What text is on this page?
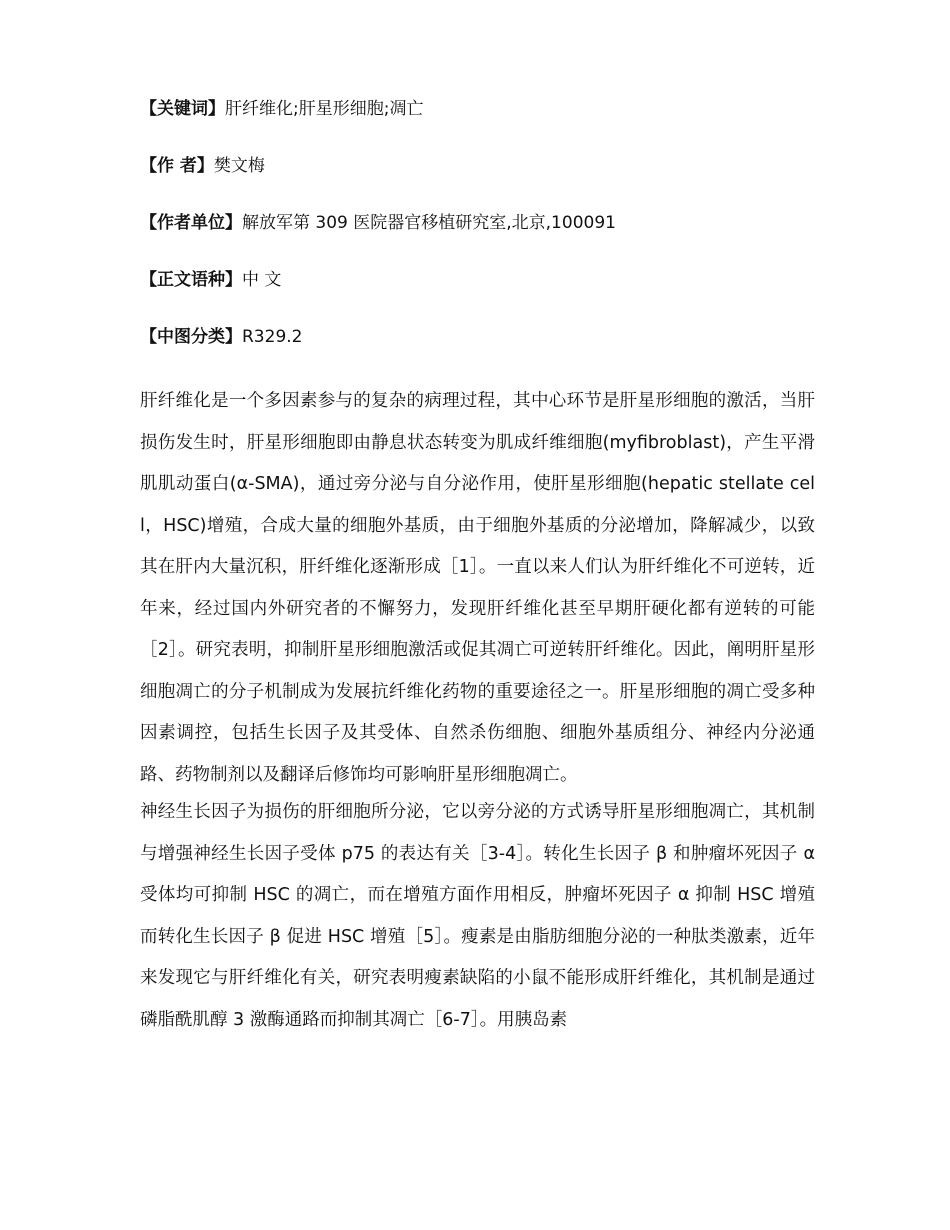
【关键词】肝纤维化;肝星形细胞;凋亡
【作 者】樊文梅
【作者单位】解放军第 309 医院器官移植研究室,北京,100091
【正文语种】中 文
【中图分类】R329.2

肝纤维化是一个多因素参与的复杂的病理过程，其中心环节是肝星形细胞的激活，当肝损伤发生时，肝星形细胞即由静息状态转变为肌成纤维细胞(myfibroblast)，产生平滑肌肌动蛋白(α-SMA)，通过旁分泌与自分泌作用，使肝星形细胞(hepatic stellate cell，HSC)增殖，合成大量的细胞外基质，由于细胞外基质的分泌增加，降解减少，以致其在肝内大量沉积，肝纤维化逐渐形成［1］。一直以来人们认为肝纤维化不可逆转，近年来，经过国内外研究者的不懈努力，发现肝纤维化甚至早期肝硬化都有逆转的可能［2］。研究表明，抑制肝星形细胞激活或促其凋亡可逆转肝纤维化。因此，阐明肝星形细胞凋亡的分子机制成为发展抗纤维化药物的重要途径之一。肝星形细胞的凋亡受多种因素调控，包括生长因子及其受体、自然杀伤细胞、细胞外基质组分、神经内分泌通路、药物制剂以及翻译后修饰均可影响肝星形细胞凋亡。

神经生长因子为损伤的肝细胞所分泌，它以旁分泌的方式诱导肝星形细胞凋亡，其机制与增强神经生长因子受体 p75 的表达有关［3-4］。转化生长因子 β 和肿瘤坏死因子 α 受体均可抑制 HSC 的凋亡，而在增殖方面作用相反，肿瘤坏死因子 α 抑制 HSC 增殖而转化生长因子 β 促进 HSC 增殖［5］。瘦素是由脂肪细胞分泌的一种肽类激素，近年来发现它与肝纤维化有关，研究表明瘦素缺陷的小鼠不能形成肝纤维化，其机制是通过磷脂酰肌醇 3 激酶通路而抑制其凋亡［6-7］。用胰岛素
